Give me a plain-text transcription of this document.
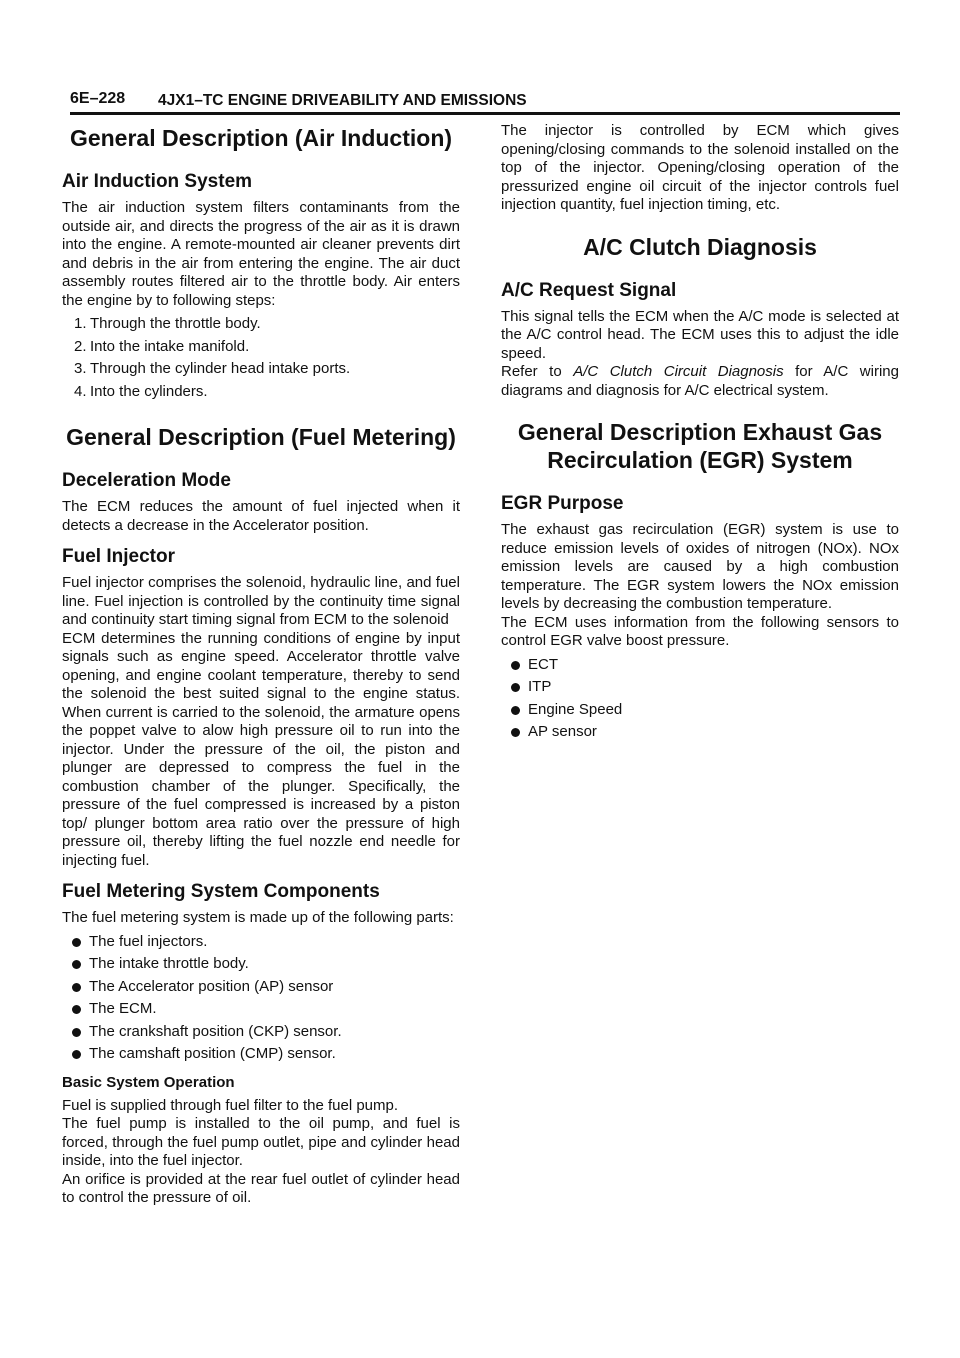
6E–228 4JX1–TC ENGINE DRIVEABILITY AND EMISSIONS
General Description (Air Induction)
Air Induction System

The air induction system filters contaminants from the outside air, and directs the progress of the air as it is drawn into the engine. A remote-mounted air cleaner prevents dirt and debris in the air from entering the engine. The air duct assembly routes filtered air to the throttle body. Air enters the engine by to following steps:

1. Through the throttle body.
2. Into the intake manifold.
3. Through the cylinder head intake ports.
4. Into the cylinders.
General Description (Fuel Metering)
Deceleration Mode

The ECM reduces the amount of fuel injected when it detects a decrease in the Accelerator position.

Fuel Injector

Fuel injector comprises the solenoid, hydraulic line, and fuel line. Fuel injection is controlled by the continuity time signal and continuity start timing signal from ECM to the solenoid

ECM determines the running conditions of engine by input signals such as engine speed. Accelerator throttle valve opening, and engine coolant temperature, thereby to send the solenoid the best suited signal to the engine status. When current is carried to the solenoid, the armature opens the poppet valve to alow high pressure oil to run into the injector. Under the pressure of the oil, the piston and plunger are depressed to compress the fuel in the combustion chamber of the plunger. Specifically, the pressure of the fuel compressed is increased by a piston top/ plunger bottom area ratio over the pressure of high pressure oil, thereby lifting the fuel nozzle end needle for injecting fuel.

Fuel Metering System Components

The fuel metering system is made up of the following parts:

The fuel injectors.
The intake throttle body.
The Accelerator position (AP) sensor
The ECM.
The crankshaft position (CKP) sensor.
The camshaft position (CMP) sensor.
Basic System Operation

Fuel is supplied through fuel filter to the fuel pump.

The fuel pump is installed to the oil pump, and fuel is forced, through the fuel pump outlet, pipe and cylinder head inside, into the fuel injector.

An orifice is provided at the rear fuel outlet of cylinder head to control the pressure of oil.

The injector is controlled by ECM which gives opening/closing commands to the solenoid installed on the top of the injector. Opening/closing operation of the pressurized engine oil circuit of the injector controls fuel injection quantity, fuel injection timing, etc.

A/C Clutch Diagnosis
A/C Request Signal

This signal tells the ECM when the A/C mode is selected at the A/C control head. The ECM uses this to adjust the idle speed.

Refer to A/C Clutch Circuit Diagnosis for A/C wiring diagrams and diagnosis for A/C electrical system.

General Description Exhaust Gas
Recirculation (EGR) System
EGR Purpose

The exhaust gas recirculation (EGR) system is use to reduce emission levels of oxides of nitrogen (NOx). NOx emission levels are caused by a high combustion temperature. The EGR system lowers the NOx emission levels by decreasing the combustion temperature.

The ECM uses information from the following sensors to control EGR valve boost pressure.

ECT
ITP
Engine Speed
AP sensor
